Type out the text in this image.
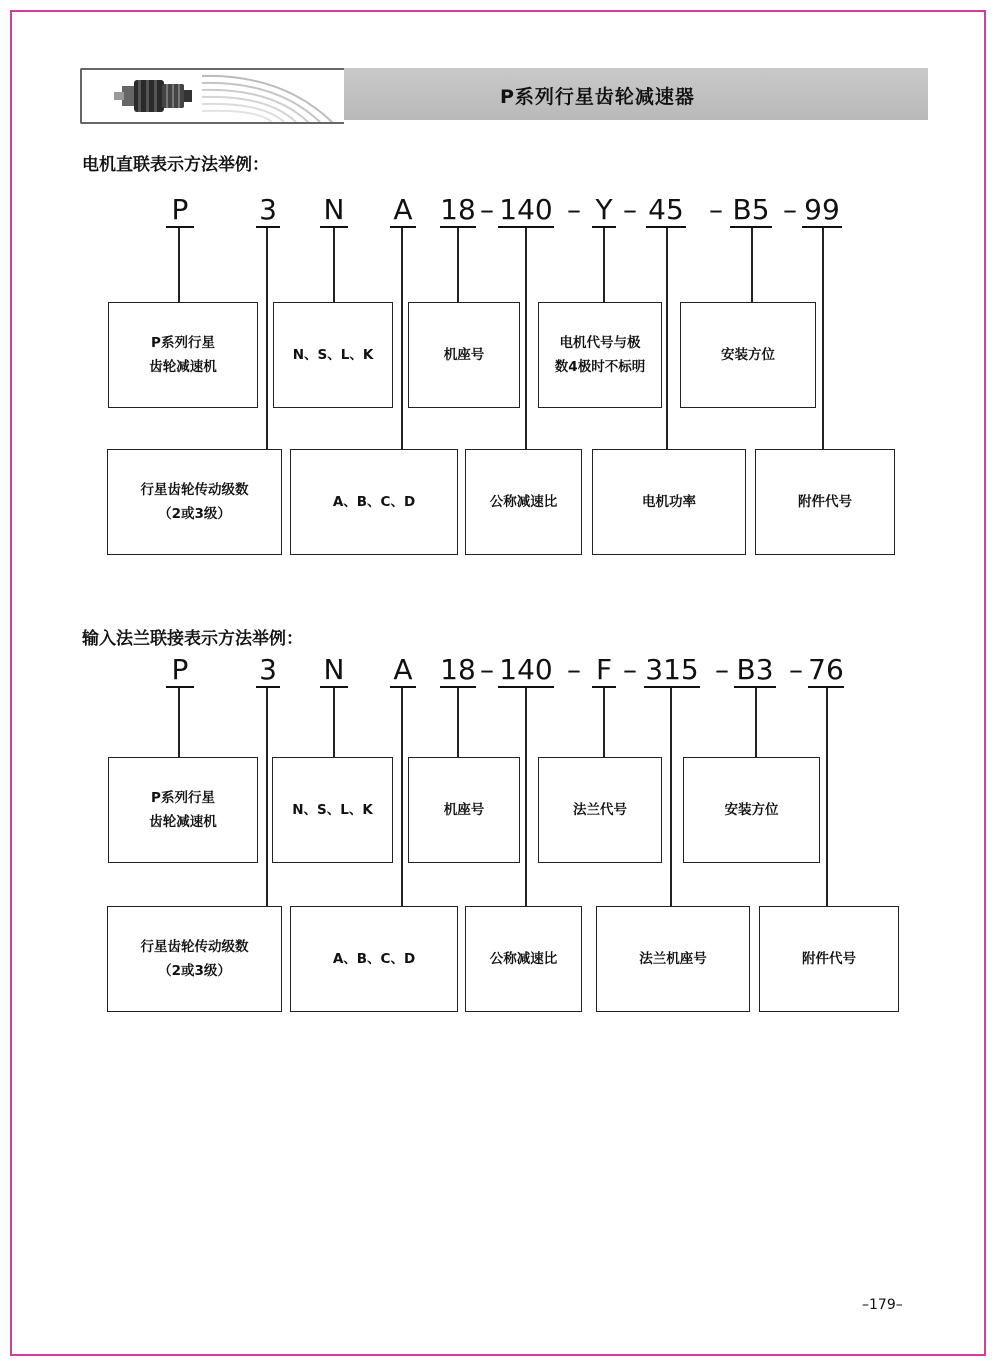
P系列行星齿轮减速器
电机直联表示方法举例：
P	3 N A 18 – 140 – Y – 45 – B5 – 99
P系列行星
齿轮减速机
N、S、L、K	机座号
电机代号与极
数4极时不标明
安装方位
行星齿轮传动级数
（2或3级）
A、B、C、D	公称减速比	电机功率	附件代号
输入法兰联接表示方法举例：
P	3 N A 18 – 140 – F – 315 – B3 – 76
P系列行星
齿轮减速机
N、S、L、K	机座号	法兰代号	安装方位
行星齿轮传动级数
（2或3级）
A、B、C、D	公称减速比	法兰机座号	附件代号
–179–
